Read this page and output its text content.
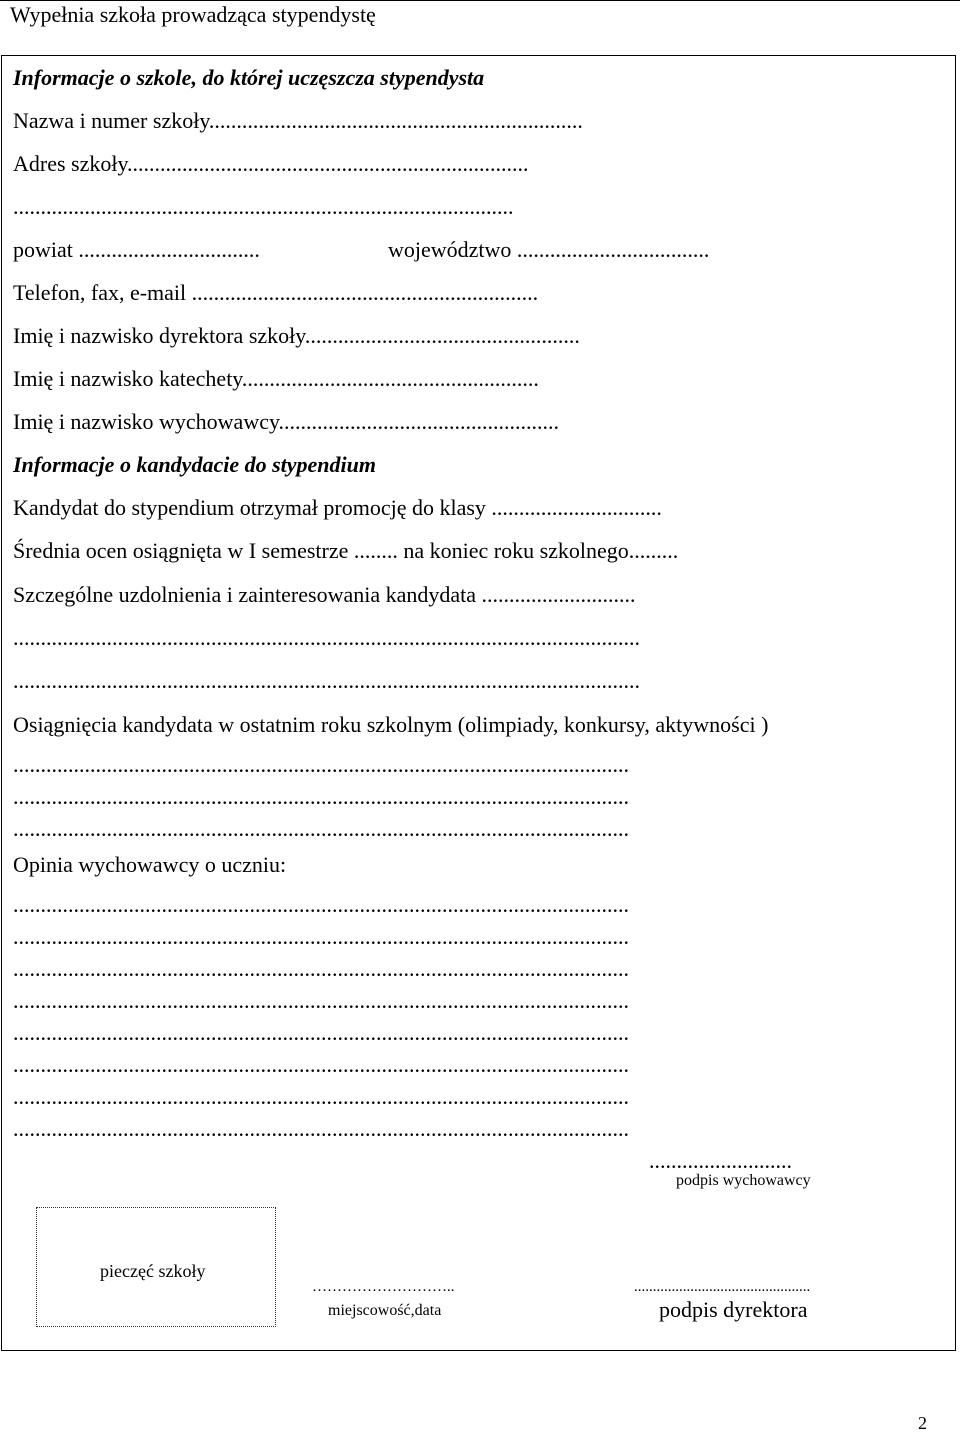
Wypełnia szkoła prowadząca stypendystę
Informacje o szkole, do której uczęszcza stypendysta
Nazwa i numer szkoły....................................................................
Adres szkoły.........................................................................
...........................................................................................
powiat .................................	województwo ...................................
Telefon, fax, e-mail ...............................................................
Imię i nazwisko dyrektora szkoły..................................................
Imię i nazwisko katechety......................................................
Imię i nazwisko wychowawcy...................................................
Informacje o kandydacie do stypendium
Kandydat do stypendium otrzymał promocję do klasy ...............................
Średnia ocen osiągnięta w I semestrze ........ na koniec roku szkolnego.........
Szczególne uzdolnienia i zainteresowania kandydata ............................
..................................................................................................................
..................................................................................................................
Osiągnięcia kandydata w ostatnim roku szkolnym (olimpiady, konkursy, aktywności )
................................................................................................................
................................................................................................................
................................................................................................................
Opinia wychowawcy o uczniu:
................................................................................................................
................................................................................................................
................................................................................................................
................................................................................................................
................................................................................................................
................................................................................................................
................................................................................................................
................................................................................................................
..........................
podpis wychowawcy
pieczęć szkoły
………………………..
miejscowość,data
...............................................
podpis dyrektora
2
